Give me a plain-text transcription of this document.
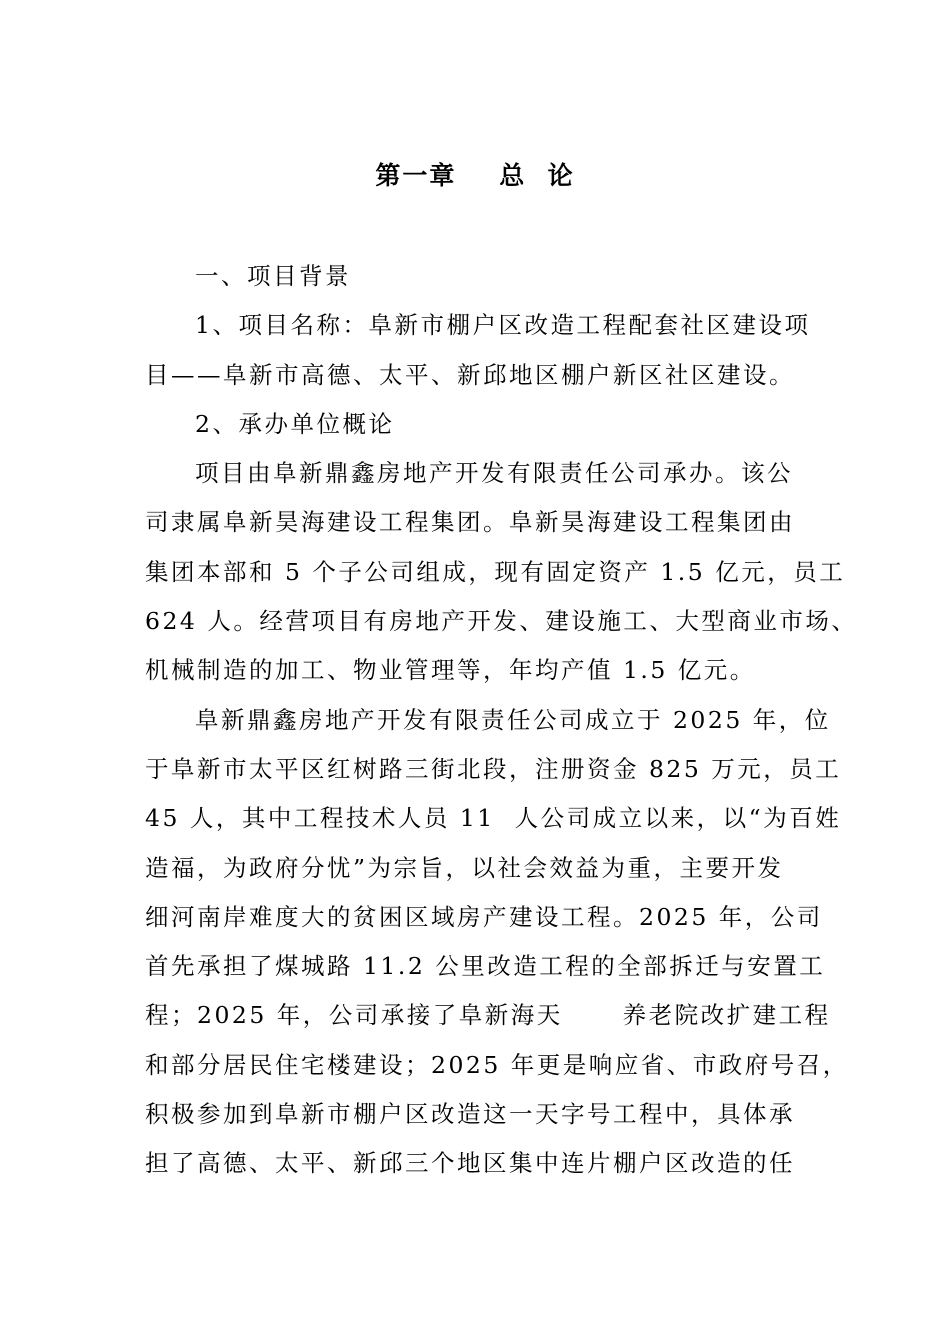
第一章    总  论
一、项目背景
1、项目名称：阜新市棚户区改造工程配套社区建设项
目——阜新市高德、太平、新邱地区棚户新区社区建设。
2、承办单位概论
项目由阜新鼎鑫房地产开发有限责任公司承办。该公
司隶属阜新昊海建设工程集团。阜新昊海建设工程集团由
集团本部和 5 个子公司组成，现有固定资产 1.5 亿元，员工
624 人。经营项目有房地产开发、建设施工、大型商业市场、
机械制造的加工、物业管理等，年均产值 1.5 亿元。
阜新鼎鑫房地产开发有限责任公司成立于 2025 年，位
于阜新市太平区红树路三街北段，注册资金 825 万元，员工
45 人，其中工程技术人员 11  人公司成立以来，以“为百姓
造福，为政府分忧”为宗旨，以社会效益为重，主要开发
细河南岸难度大的贫困区域房产建设工程。2025 年，公司
首先承担了煤城路 11.2 公里改造工程的全部拆迁与安置工
程；2025 年，公司承接了阜新海天      养老院改扩建工程
和部分居民住宅楼建设；2025 年更是响应省、市政府号召，
积极参加到阜新市棚户区改造这一天字号工程中，具体承
担了高德、太平、新邱三个地区集中连片棚户区改造的任
